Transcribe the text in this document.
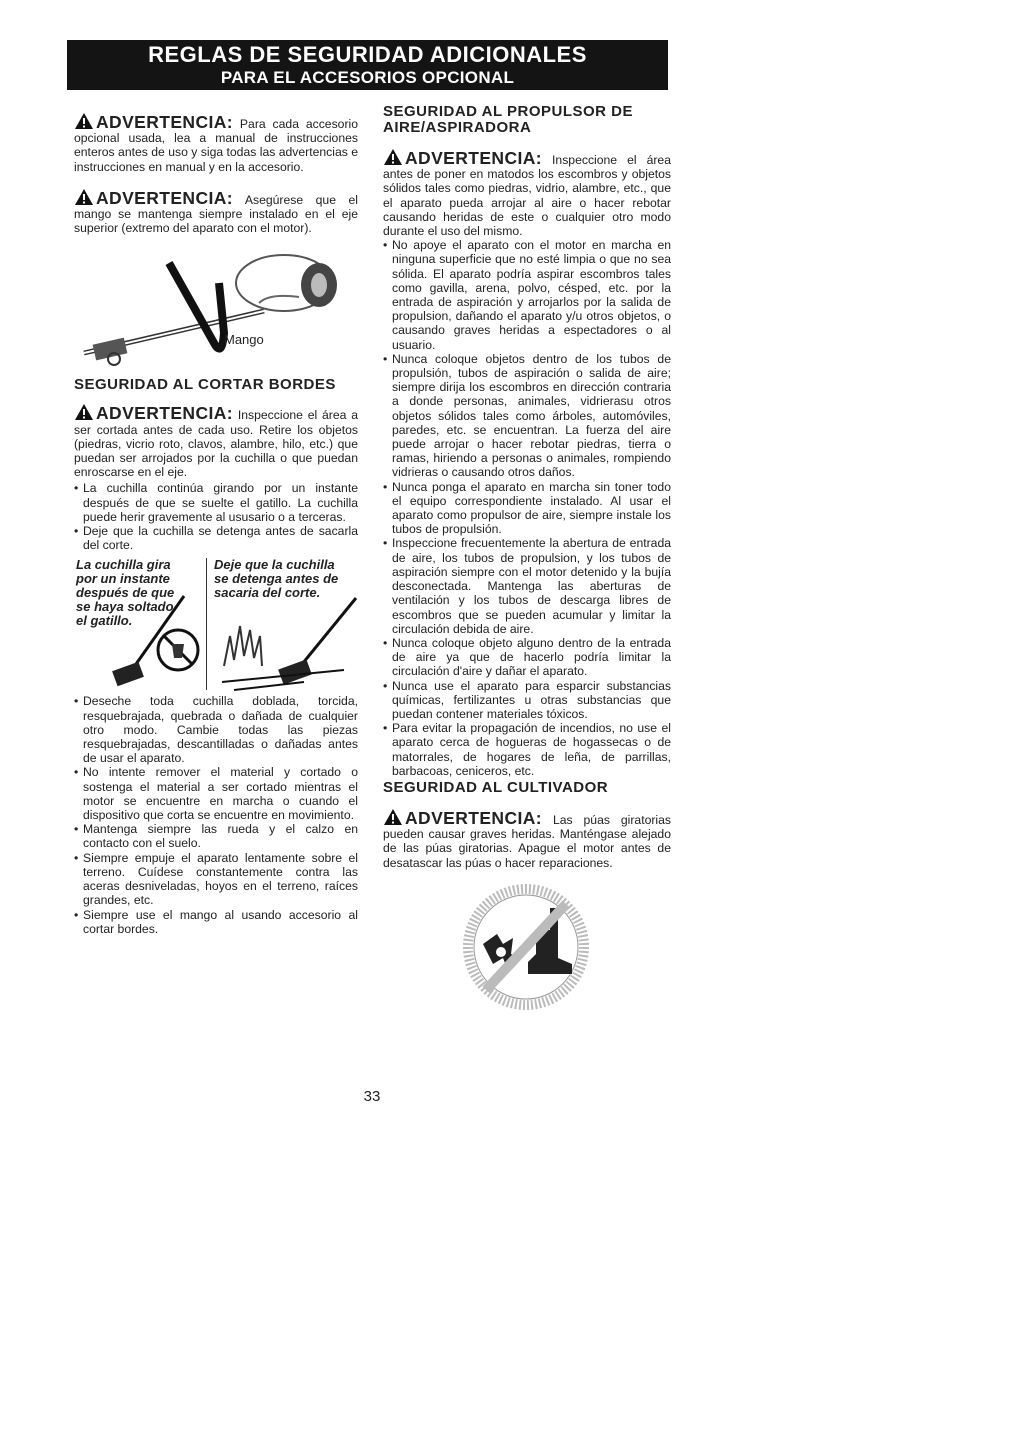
REGLAS DE SEGURIDAD ADICIONALES
PARA EL ACCESORIOS OPCIONAL

ADVERTENCIA: Para cada accesorio opcional usada, lea a manual de instrucciones enteros antes de uso y siga todas las advertencias e instrucciones en manual y en la accesorio.

ADVERTENCIA: Asegúrese que el mango se mantenga siempre instalado en el eje superior (extremo del aparato con el motor).

Mango
SEGURIDAD AL CORTAR BORDES

ADVERTENCIA: Inspeccione el área a ser cortada antes de cada uso. Retire los objetos (piedras, vicrio roto, clavos, alambre, hilo, etc.) que puedan ser arrojados por la cuchilla o que puedan enroscarse en el eje.

• La cuchilla continúa girando por un instante después de que se suelte el gatillo. La cuchilla puede herir gravemente al ususario o a terceras.
• Deje que la cuchilla se detenga antes de sacarla del corte.
La cuchilla gira por un instante después de que se haya soltado el gatillo.
Deje que la cuchilla se detenga antes de sacaria del corte.
• Deseche toda cuchilla doblada, torcida, resquebrajada, quebrada o dañada de cualquier otro modo. Cambie todas las piezas resquebrajadas, descantilladas o dañadas antes de usar el aparato.
• No intente remover el material y cortado o sostenga el material a ser cortado mientras el motor se encuentre en marcha o cuando el dispositivo que corta se encuentre en movimiento.
• Mantenga siempre las rueda y el calzo en contacto con el suelo.
• Siempre empuje el aparato lentamente sobre el terreno. Cuídese constantemente contra las aceras desniveladas, hoyos en el terreno, raíces grandes, etc.
• Siempre use el mango al usando accesorio al cortar bordes.
SEGURIDAD AL PROPULSOR DE AIRE/ASPIRADORA

ADVERTENCIA: Inspeccione el área antes de poner en matodos los escombros y objetos sólidos tales como piedras, vidrio, alambre, etc., que el aparato pueda arrojar al aire o hacer rebotar causando heridas de este o cualquier otro modo durante el uso del mismo.

• No apoye el aparato con el motor en marcha en ninguna superficie que no esté limpia o que no sea sólida. El aparato podría aspirar escombros tales como gavilla, arena, polvo, césped, etc. por la entrada de aspiración y arrojarlos por la salida de propulsion, dañando el aparato y/u otros objetos, o causando graves heridas a espectadores o al usuario.
• Nunca coloque objetos dentro de los tubos de propulsión, tubos de aspiración o salida de aire; siempre dirija los escombros en dirección contraria a donde personas, animales, vidrierasu otros objetos sólidos tales como árboles, automóviles, paredes, etc. se encuentran. La fuerza del aire puede arrojar o hacer rebotar piedras, tierra o ramas, hiriendo a personas o animales, rompiendo vidrieras o causando otros daños.
• Nunca ponga el aparato en marcha sin toner todo el equipo correspondiente instalado. Al usar el aparato como propulsor de aire, siempre instale los tubos de propulsión.
• Inspeccione frecuentemente la abertura de entrada de aire, los tubos de propulsion, y los tubos de aspiración siempre con el motor detenido y la bujía desconectada. Mantenga las aberturas de ventilación y los tubos de descarga libres de escombros que se pueden acumular y limitar la circulación debida de aire.
• Nunca coloque objeto alguno dentro de la entrada de aire ya que de hacerlo podría limitar la circulación d'aire y dañar el aparato.
• Nunca use el aparato para esparcir substancias químicas, fertilizantes u otras substancias que puedan contener materiales tóxicos.
• Para evitar la propagación de incendios, no use el aparato cerca de hogueras de hogassecas o de matorrales, de hogares de leña, de parrillas, barbacoas, ceniceros, etc.
SEGURIDAD AL CULTIVADOR

ADVERTENCIA: Las púas giratorias pueden causar graves heridas. Manténgase alejado de las púas giratorias. Apague el motor antes de desatascar las púas o hacer reparaciones.

33
